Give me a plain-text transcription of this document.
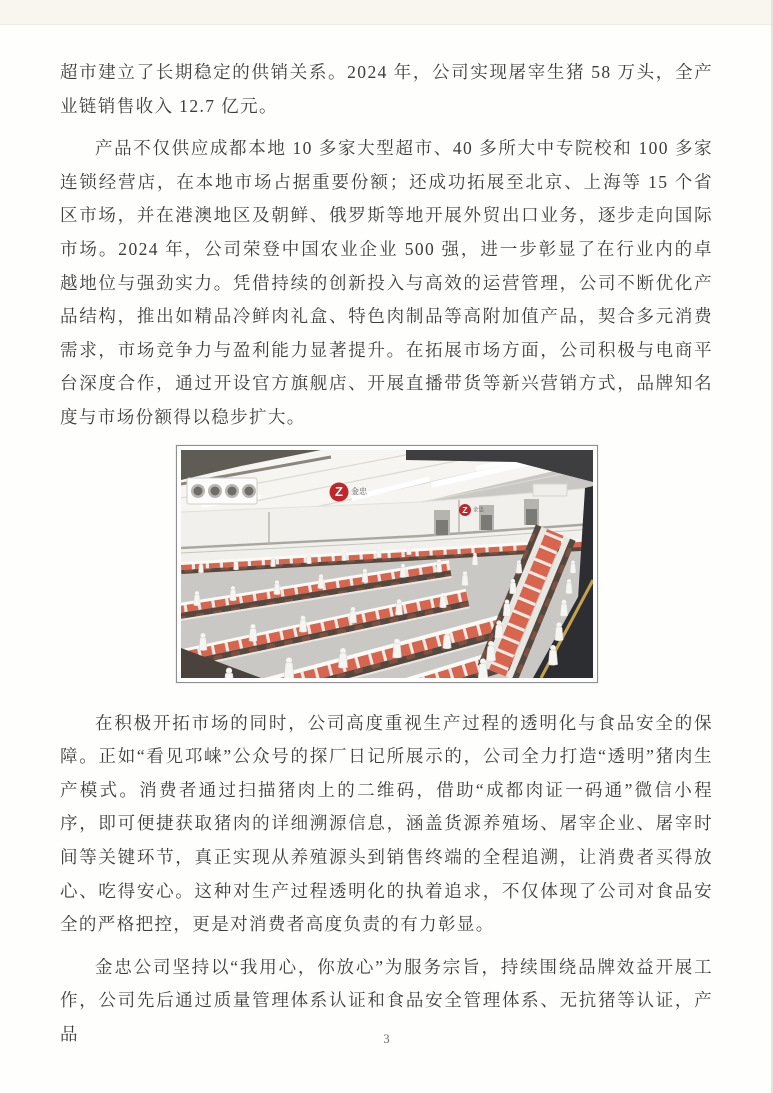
超市建立了长期稳定的供销关系。2024 年，公司实现屠宰生猪 58 万头，全产业链销售收入 12.7 亿元。

产品不仅供应成都本地 10 多家大型超市、40 多所大中专院校和 100 多家连锁经营店，在本地市场占据重要份额；还成功拓展至北京、上海等 15 个省区市场，并在港澳地区及朝鲜、俄罗斯等地开展外贸出口业务，逐步走向国际市场。2024 年，公司荣登中国农业企业 500 强，进一步彰显了在行业内的卓越地位与强劲实力。凭借持续的创新投入与高效的运营管理，公司不断优化产品结构，推出如精品冷鲜肉礼盒、特色肉制品等高附加值产品，契合多元消费需求，市场竞争力与盈利能力显著提升。在拓展市场方面，公司积极与电商平台深度合作，通过开设官方旗舰店、开展直播带货等新兴营销方式，品牌知名度与市场份额得以稳步扩大。

Z 金忠
Z 金忠

在积极开拓市场的同时，公司高度重视生产过程的透明化与食品安全的保障。正如“看见邛崃”公众号的探厂日记所展示的，公司全力打造“透明”猪肉生产模式。消费者通过扫描猪肉上的二维码，借助“成都肉证一码通”微信小程序，即可便捷获取猪肉的详细溯源信息，涵盖货源养殖场、屠宰企业、屠宰时间等关键环节，真正实现从养殖源头到销售终端的全程追溯，让消费者买得放心、吃得安心。这种对生产过程透明化的执着追求，不仅体现了公司对食品安全的严格把控，更是对消费者高度负责的有力彰显。

金忠公司坚持以“我用心，你放心”为服务宗旨，持续围绕品牌效益开展工作，公司先后通过质量管理体系认证和食品安全管理体系、无抗猪等认证，产品	3
